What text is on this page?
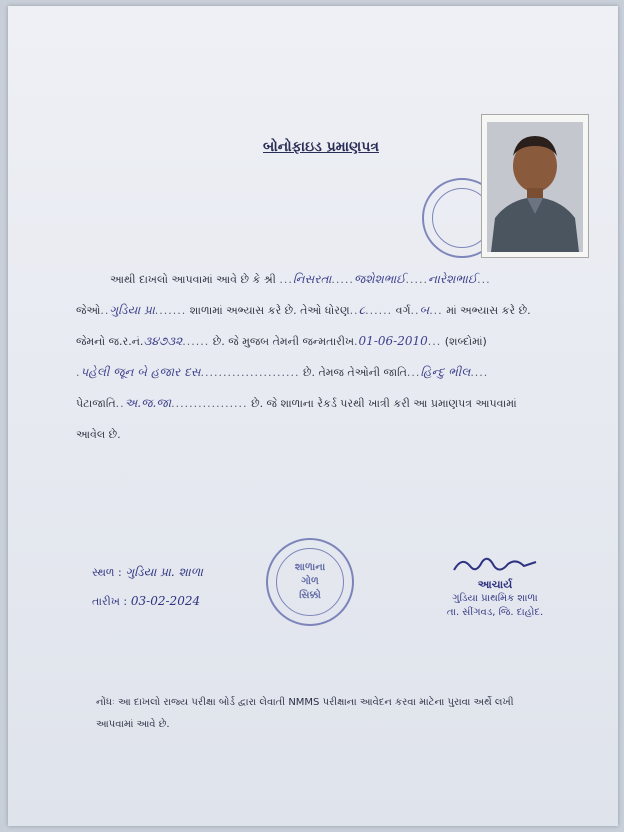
બોનોફાઇડ પ્રમાણપત્ર
આથી દાખલો આપવામાં આવે છે કે શ્રી ...નિસરતા.....જશેશભાઈ.....નારેશભાઈ...
જેઓ..ગુડિયા પ્રા....... શાળામાં અભ્યાસ કરે છે. તેઓ ધોરણ..૮...... વર્ગ..બ... માં અભ્યાસ કરે છે.
જેમનો જ.ર.નં.૩૪૭૩૨...... છે. જે મુજબ તેમની જન્મતારીખ.01-06-2010... (શબ્દોમાં)
.પહેલી જૂન બે હજાર દસ...................... છે. તેમજ તેઓની જાતિ...હિન્દુ ભીલ....
પેટાજાતિ..અ.જ.જા................. છે. જે શાળાના રેકર્ડ પરથી ખાત્રી કરી આ પ્રમાણપત્ર આપવામાં
આવેલ છે.
સ્થળ : ગુડિયા પ્રા. શાળા
તારીખ : 03-02-2024
શાળાના
ગોળ સિક્કો
આચાર્ય
ગુડિયા પ્રાથમિક શાળા
તા. સીંગવડ, જિ. દાહોદ.
નોંધઃ આ દાખલો રાજ્ય પરીક્ષા બોર્ડ દ્વારા લેવાતી NMMS પરીક્ષાના આવેદન કરવા માટેના પુરાવા અર્થે લખી
આપવામાં આવે છે.
